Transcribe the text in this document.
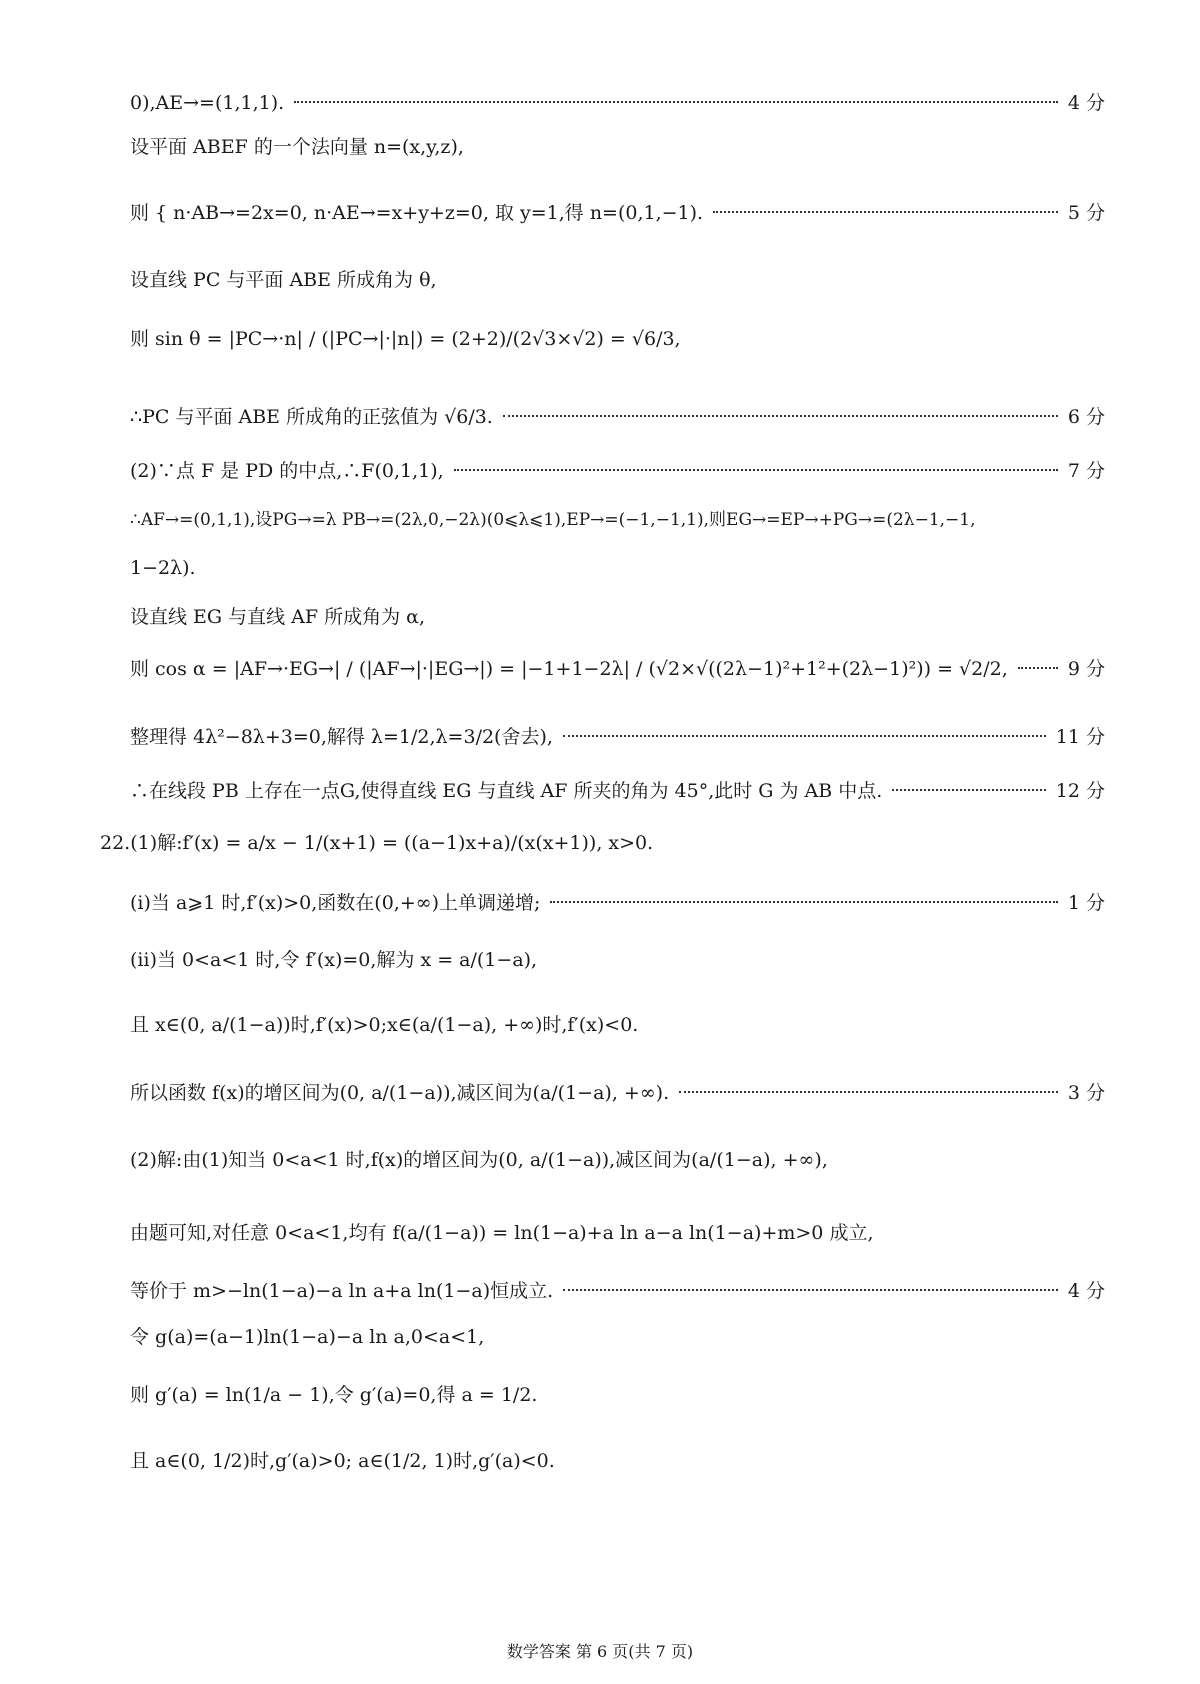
0),AE→=(1,1,1).	4 分
设平面 ABEF 的一个法向量 n=(x,y,z),
则 { n·AB→=2x=0, n·AE→=x+y+z=0, 取 y=1,得 n=(0,1,−1).	5 分
设直线 PC 与平面 ABE 所成角为 θ,
则 sin θ = |PC→·n| / (|PC→|·|n|) = (2+2)/(2√3×√2) = √6/3,
∴PC 与平面 ABE 所成角的正弦值为 √6/3.	6 分
(2)∵点 F 是 PD 的中点,∴F(0,1,1),	7 分
∴AF→=(0,1,1),设PG→=λ PB→=(2λ,0,−2λ)(0⩽λ⩽1),EP→=(−1,−1,1),则EG→=EP→+PG→=(2λ−1,−1,
1−2λ).
设直线 EG 与直线 AF 所成角为 α,
则 cos α = |AF→·EG→| / (|AF→|·|EG→|) = |−1+1−2λ| / (√2×√((2λ−1)²+1²+(2λ−1)²)) = √2/2,	9 分
整理得 4λ²−8λ+3=0,解得 λ=1/2,λ=3/2(舍去),	11 分
∴在线段 PB 上存在一点G,使得直线 EG 与直线 AF 所夹的角为 45°,此时 G 为 AB 中点.	12 分
22.(1)解:f′(x) = a/x − 1/(x+1) = ((a−1)x+a)/(x(x+1)), x>0.
(ⅰ)当 a⩾1 时,f′(x)>0,函数在(0,+∞)上单调递增;	1 分
(ⅱ)当 0<a<1 时,令 f′(x)=0,解为 x = a/(1−a),
且 x∈(0, a/(1−a))时,f′(x)>0;x∈(a/(1−a), +∞)时,f′(x)<0.
所以函数 f(x)的增区间为(0, a/(1−a)),减区间为(a/(1−a), +∞).	3 分
(2)解:由(1)知当 0<a<1 时,f(x)的增区间为(0, a/(1−a)),减区间为(a/(1−a), +∞),
由题可知,对任意 0<a<1,均有 f(a/(1−a)) = ln(1−a)+a ln a−a ln(1−a)+m>0 成立,
等价于 m>−ln(1−a)−a ln a+a ln(1−a)恒成立.	4 分
令 g(a)=(a−1)ln(1−a)−a ln a,0<a<1,
则 g′(a) = ln(1/a − 1),令 g′(a)=0,得 a = 1/2.
且 a∈(0, 1/2)时,g′(a)>0; a∈(1/2, 1)时,g′(a)<0.
数学答案 第 6 页(共 7 页)
